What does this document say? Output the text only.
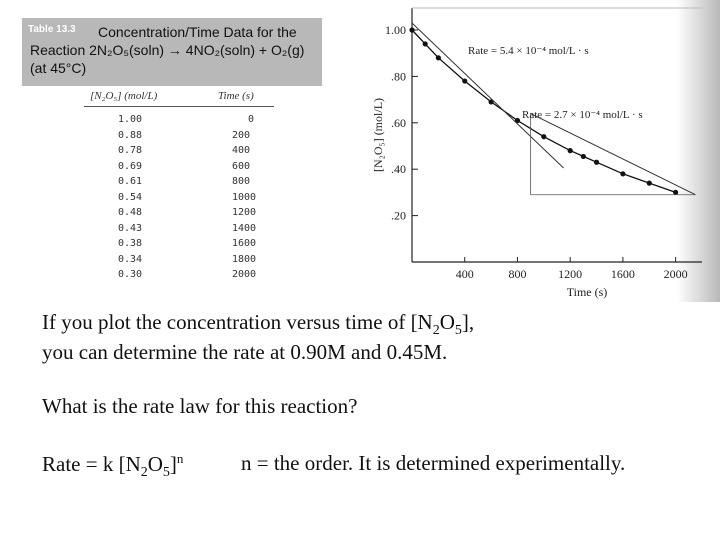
Table 13.3 Concentration/Time Data for the
Reaction 2N₂O₅(soln) → 4NO₂(soln) + O₂(g)
(at 45°C)
[N₂O₅] (mol/L)	Time (s)
1.00	0
0.88	200
0.78	400
0.69	600
0.61	800
0.54	1000
0.48	1200
0.43	1400
0.38	1600
0.34	1800
0.30	2000
1.00
.80
.60
.40
.20
400	800	1200 1600 2000
[N₂O₅] (mol/L)
Time (s)
Rate = 5.4 × 10⁻⁴ mol/L · s
Rate = 2.7 × 10⁻⁴ mol/L · s
If you plot the concentration versus time of $[N_2O_5]$,
you can determine the rate at 0.90M and 0.45M.
What is the rate law for this reaction?
Rate = k $[N_2O_5]^n$	n = the order. It is determined experimentally.
